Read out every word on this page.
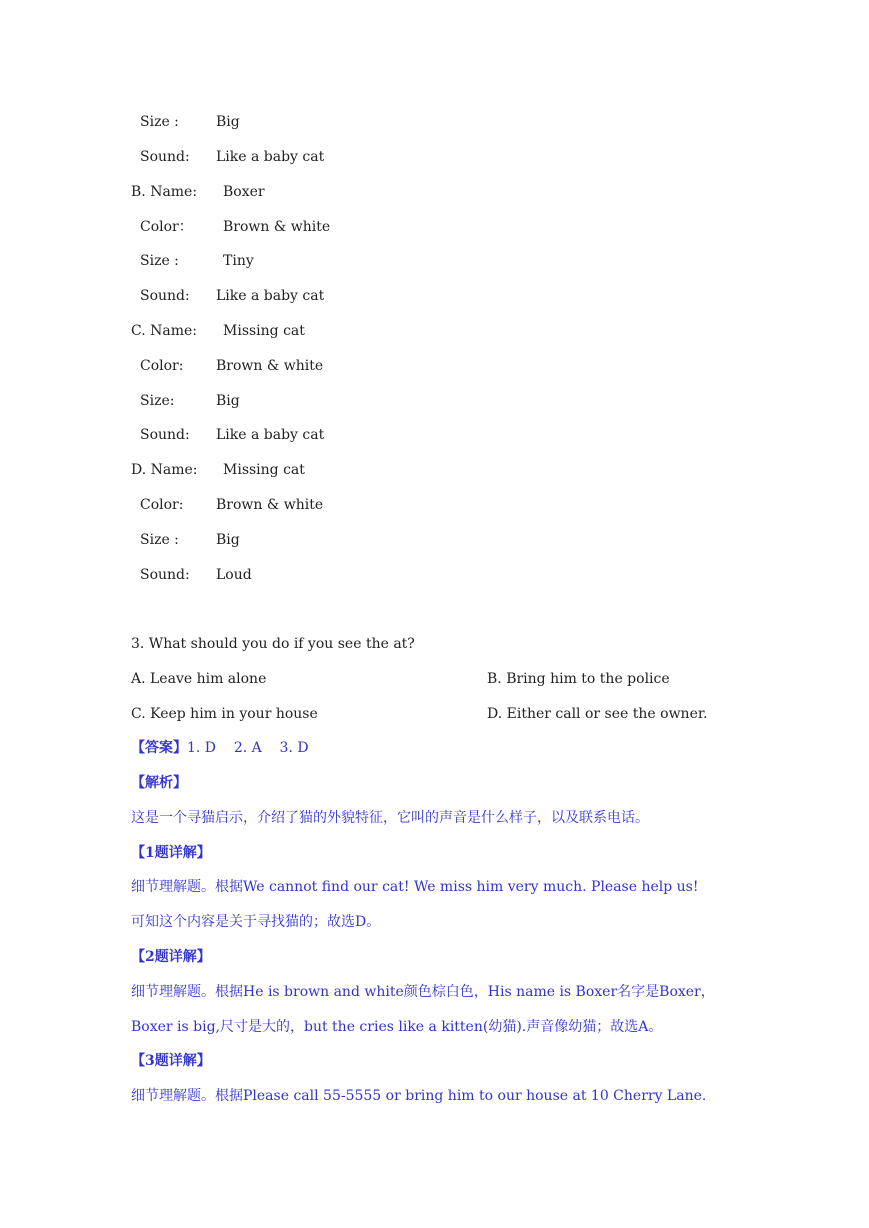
Size :	Big
Sound: Like a baby cat
B. Name: Boxer
Color： Brown & white
Size :	Tiny
Sound: Like a baby cat
C. Name: Missing cat
Color: Brown & white
Size:	Big
Sound: Like a baby cat
D. Name: Missing cat
Color: Brown & white
Size :	Big
Sound: Loud
3. What should you do if you see the at?
A. Leave him alone	B. Bring him to the police
C. Keep him in your house	D. Either call or see the owner.
【答案】1. D    2. A    3. D
【解析】
这是一个寻猫启示，介绍了猫的外貌特征，它叫的声音是什么样子，以及联系电话。
【1题详解】
细节理解题。根据We cannot find our cat! We miss him very much. Please help us!
可知这个内容是关于寻找猫的；故选D。
【2题详解】
细节理解题。根据He is brown and white颜色棕白色，His name is Boxer名字是Boxer，
Boxer is big,尺寸是大的，but the cries like a kitten(幼猫).声音像幼猫；故选A。
【3题详解】
细节理解题。根据Please call 55-5555 or bring him to our house at 10 Cherry Lane.
